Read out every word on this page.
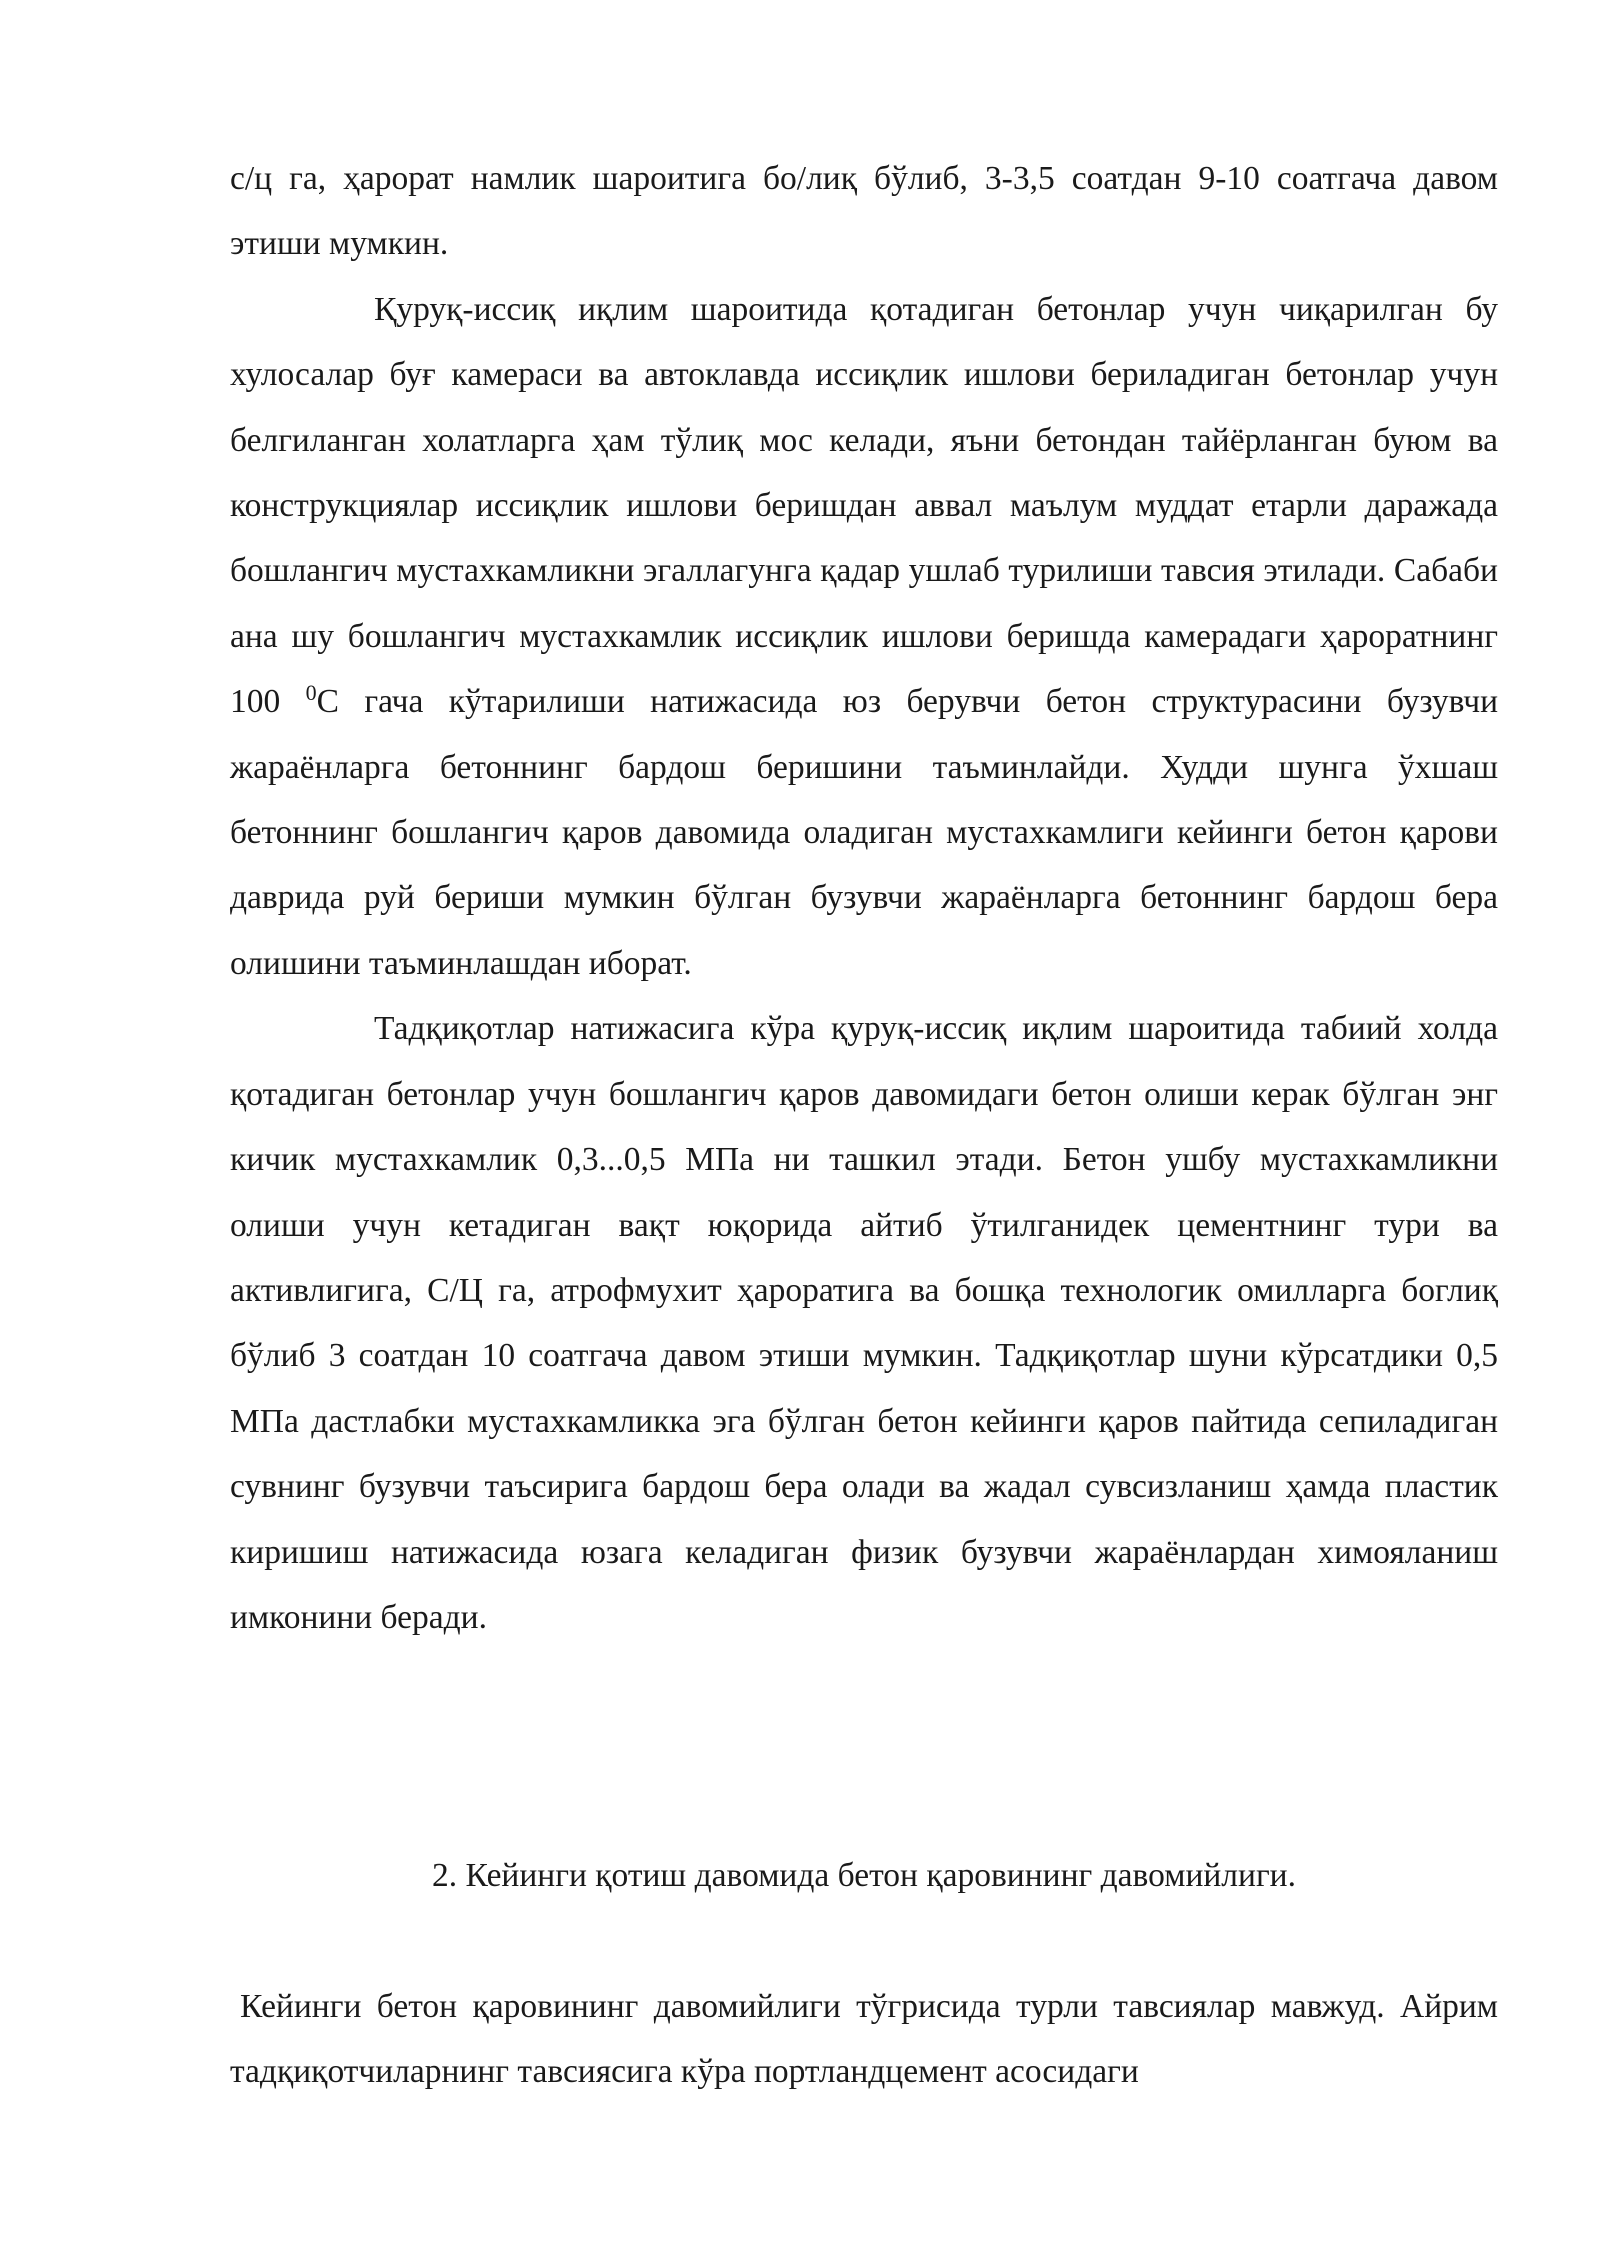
с/ц га, ҳарорат намлик шароитига бо/лиқ бўлиб, 3-3,5 соатдан 9-10 соатгача давом этиши мумкин.

Қуруқ-иссиқ иқлим шароитида қотадиган бетонлар учун чиқарилган бу хулосалар буғ камераси ва автоклавда иссиқлик ишлови бериладиган бетонлар учун белгиланган холатларга ҳам тўлиқ мос келади, яъни бетондан тайёрланган буюм ва конструкциялар иссиқлик ишлови беришдан аввал маълум муддат етарли даражада бошлангич мустахкамликни эгаллагунга қадар ушлаб турилиши тавсия этилади. Сабаби ана шу бошлангич мустахкамлик иссиқлик ишлови беришда камерадаги ҳароратнинг 100 $^0$С гача кўтарилиши натижасида юз берувчи бетон структурасини бузувчи жараёнларга бетоннинг бардош беришини таъминлайди. Худди шунга ўхшаш бетоннинг бошлангич қаров давомида оладиган мустахкамлиги кейинги бетон қарови даврида руй бериши мумкин бўлган бузувчи жараёнларга бетоннинг бардош бера олишини таъминлашдан иборат.

Тадқиқотлар натижасига кўра қуруқ-иссиқ иқлим шароитида табиий холда қотадиган бетонлар учун бошлангич қаров давомидаги бетон олиши керак бўлган энг кичик мустахкамлик 0,3...0,5 МПа ни ташкил этади. Бетон ушбу мустахкамликни олиши учун кетадиган вақт юқорида айтиб ўтилганидек цементнинг тури ва активлигига, С/Ц га, атрофмухит ҳароратига ва бошқа технологик омилларга боглиқ бўлиб 3 соатдан 10 соатгача давом этиши мумкин. Тадқиқотлар шуни кўрсатдики 0,5 МПа дастлабки мустахкамликка эга бўлган бетон кейинги қаров пайтида сепиладиган сувнинг бузувчи таъсирига бардош бера олади ва жадал сувсизланиш ҳамда пластик киришиш натижасида юзага келадиган физик бузувчи жараёнлардан химояланиш имконини беради.

2. Кейинги қотиш давомида бетон қаровининг давомийлиги.

Кейинги бетон қаровининг давомийлиги тўгрисида турли тавсиялар мавжуд. Айрим тадқиқотчиларнинг тавсиясига кўра портландцемент асосидаги
